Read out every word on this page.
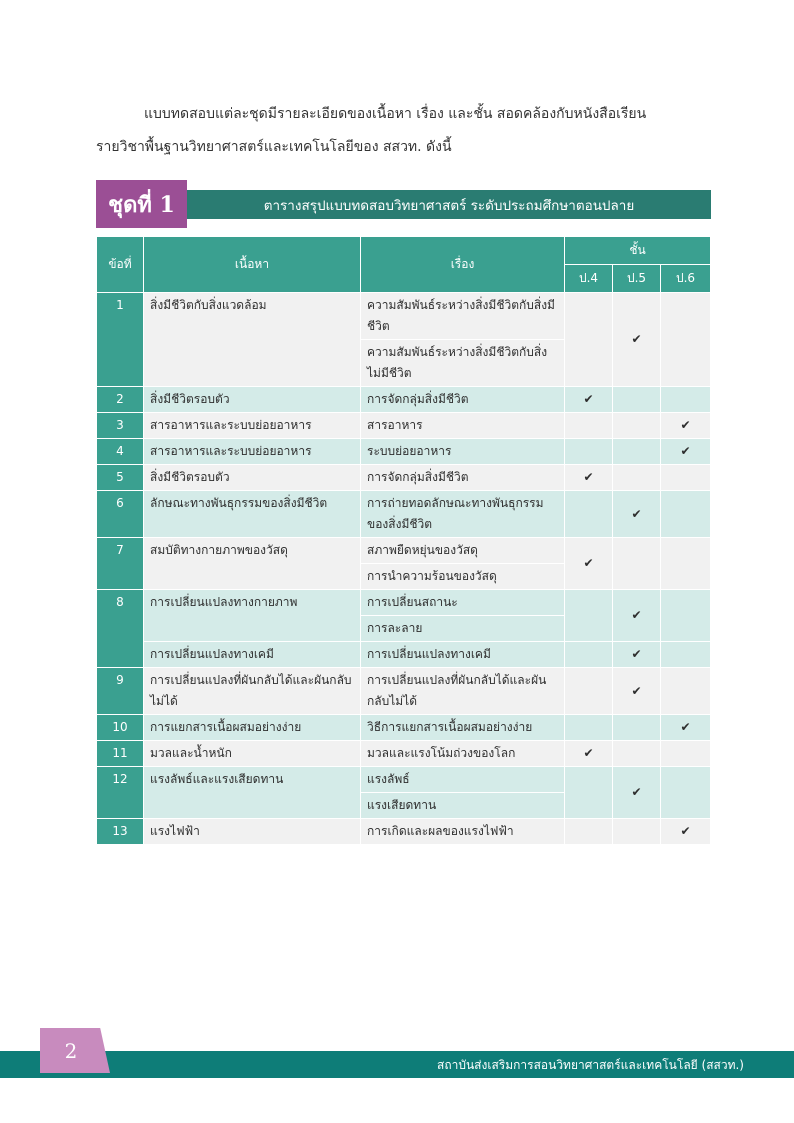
แบบทดสอบแต่ละชุดมีรายละเอียดของเนื้อหา เรื่อง และชั้น สอดคล้องกับหนังสือเรียน
รายวิชาพื้นฐานวิทยาศาสตร์และเทคโนโลยีของ สสวท. ดังนี้
ชุดที่ 1	ตารางสรุปแบบทดสอบวิทยาศาสตร์ ระดับประถมศึกษาตอนปลาย
ข้อที่	เนื้อหา	เรื่อง	ชั้น		
			ป.4	ป.5	ป.6
1	สิ่งมีชีวิตกับสิ่งแวดล้อม	ความสัมพันธ์ระหว่างสิ่งมีชีวิตกับสิ่งมีชีวิต		✔	
		ความสัมพันธ์ระหว่างสิ่งมีชีวิตกับสิ่งไม่มีชีวิต			
2	สิ่งมีชีวิตรอบตัว	การจัดกลุ่มสิ่งมีชีวิต	✔		
3	สารอาหารและระบบย่อยอาหาร	สารอาหาร			✔
4	สารอาหารและระบบย่อยอาหาร	ระบบย่อยอาหาร			✔
5	สิ่งมีชีวิตรอบตัว	การจัดกลุ่มสิ่งมีชีวิต	✔		
6	ลักษณะทางพันธุกรรมของสิ่งมีชีวิต	การถ่ายทอดลักษณะทางพันธุกรรมของสิ่งมีชีวิต		✔	
7	สมบัติทางกายภาพของวัสดุ	สภาพยืดหยุ่นของวัสดุ	✔		
		การนำความร้อนของวัสดุ			
8	การเปลี่ยนแปลงทางกายภาพ	การเปลี่ยนสถานะ		✔	
		การละลาย			
	การเปลี่ยนแปลงทางเคมี	การเปลี่ยนแปลงทางเคมี		✔	
9	การเปลี่ยนแปลงที่ผันกลับได้และผันกลับไม่ได้	การเปลี่ยนแปลงที่ผันกลับได้และผันกลับไม่ได้		✔	
10	การแยกสารเนื้อผสมอย่างง่าย	วิธีการแยกสารเนื้อผสมอย่างง่าย			✔
11	มวลและน้ำหนัก	มวลและแรงโน้มถ่วงของโลก	✔		
12	แรงลัพธ์และแรงเสียดทาน	แรงลัพธ์		✔	
		แรงเสียดทาน			
13	แรงไฟฟ้า	การเกิดและผลของแรงไฟฟ้า			✔
สถาบันส่งเสริมการสอนวิทยาศาสตร์และเทคโนโลยี (สสวท.)
2
